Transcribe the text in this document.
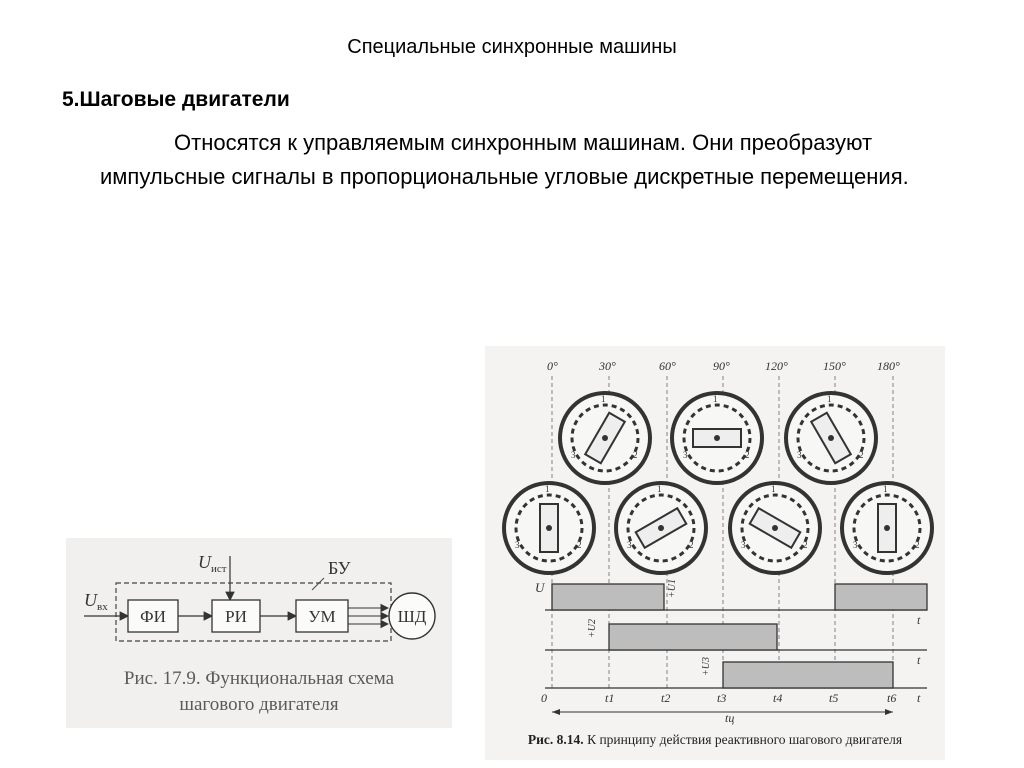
Специальные синхронные машины
5.Шаговые двигатели
Относятся к управляемым синхронным машинам. Они преобразуют импульсные сигналы в пропорциональные угловые дискретные перемещения.
БУ
$U_{ист}$
$U_{вх}$ ФИ	РИ	УМ	ШД
Рис. 17.9. Функциональная схема
шагового двигателя
0°	30°	60°	90°	120°	150°	180°
1
2
3
1
2
3
1
2
3
1
2
3
1
2
3
1
2
3
1
2
3
U	+U1
t
+U2
t
+U3
t
0	t1	t2	t3	t4	t5	t6
tц
Рис. 8.14. К принципу действия реактивного шагового двигателя
